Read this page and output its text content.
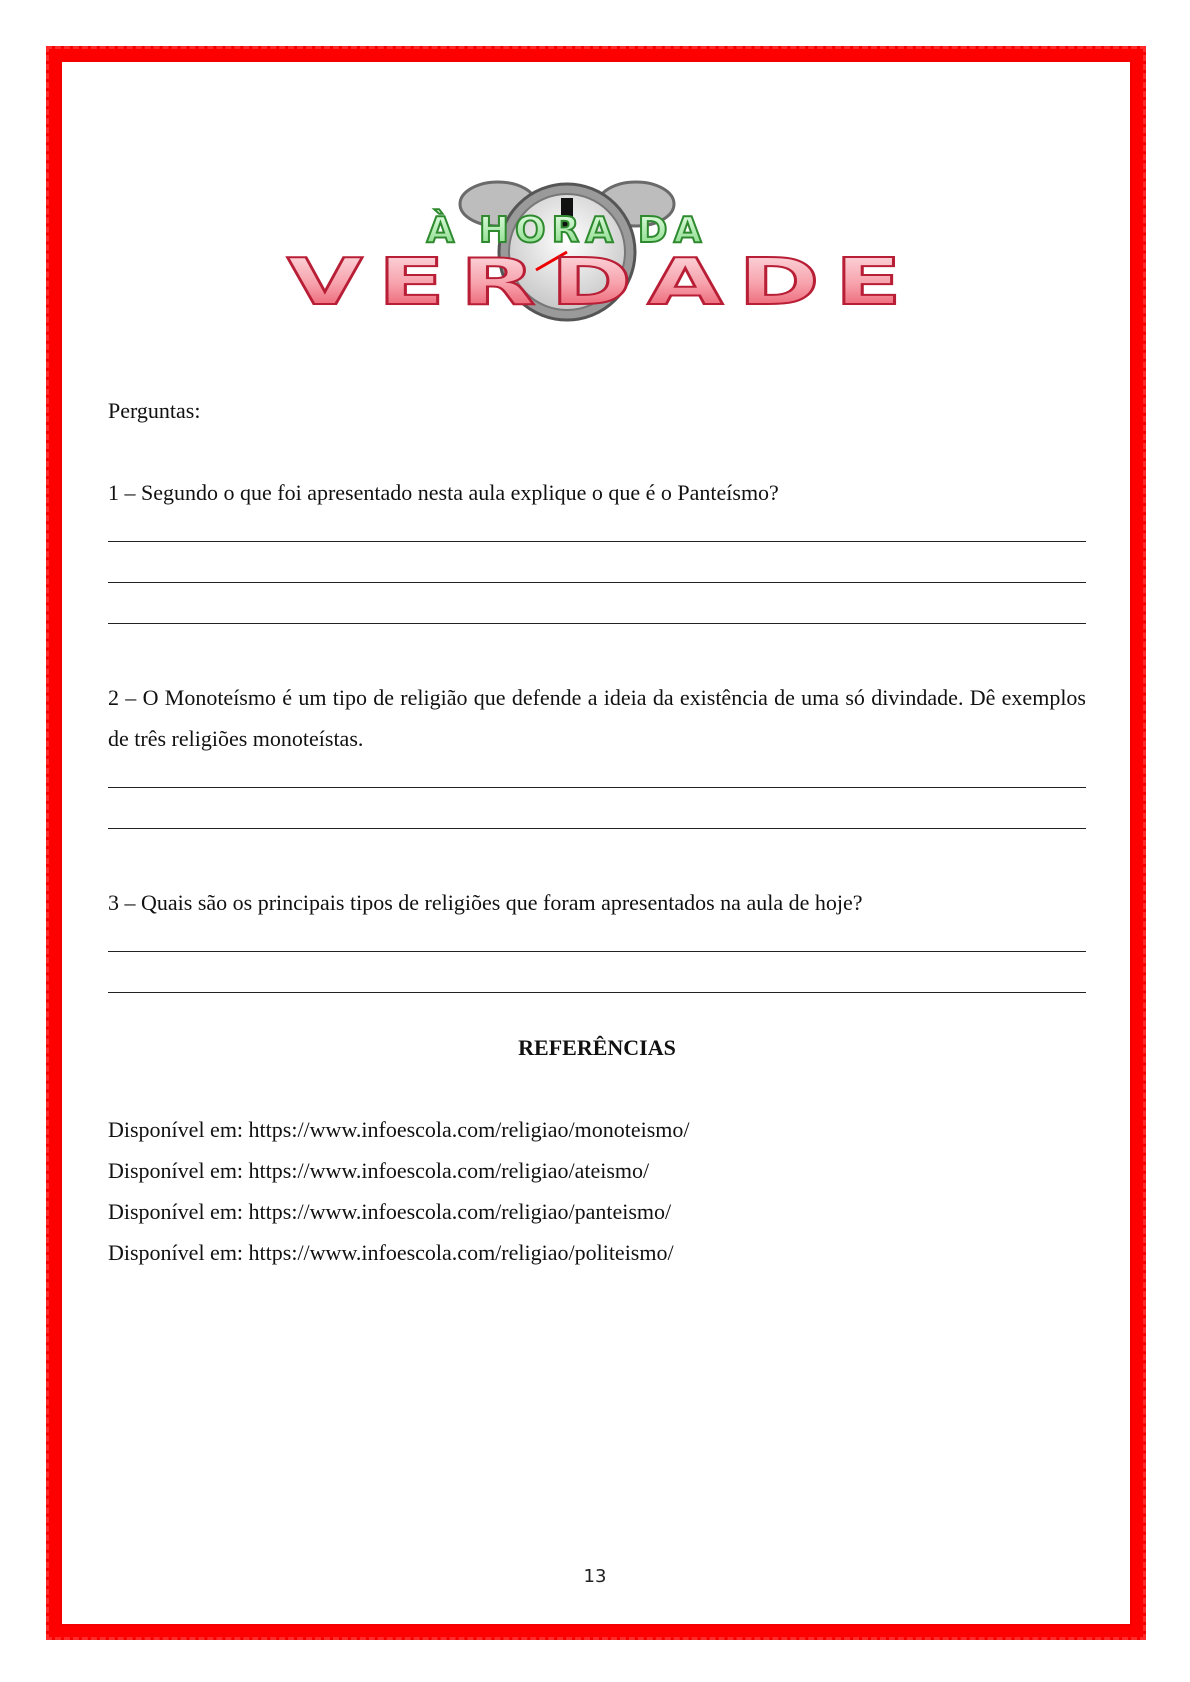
À HORA DA
VERDADE

Perguntas:

1 – Segundo o que foi apresentado nesta aula explique o que é o Panteísmo?

2 – O Monoteísmo é um tipo de religião que defende a ideia da existência de uma só divindade. Dê exemplos de três religiões monoteístas.

3 – Quais são os principais tipos de religiões que foram apresentados na aula de hoje?

REFERÊNCIAS

Disponível em: https://www.infoescola.com/religiao/monoteismo/

Disponível em: https://www.infoescola.com/religiao/ateismo/

Disponível em: https://www.infoescola.com/religiao/panteismo/

Disponível em: https://www.infoescola.com/religiao/politeismo/

13
